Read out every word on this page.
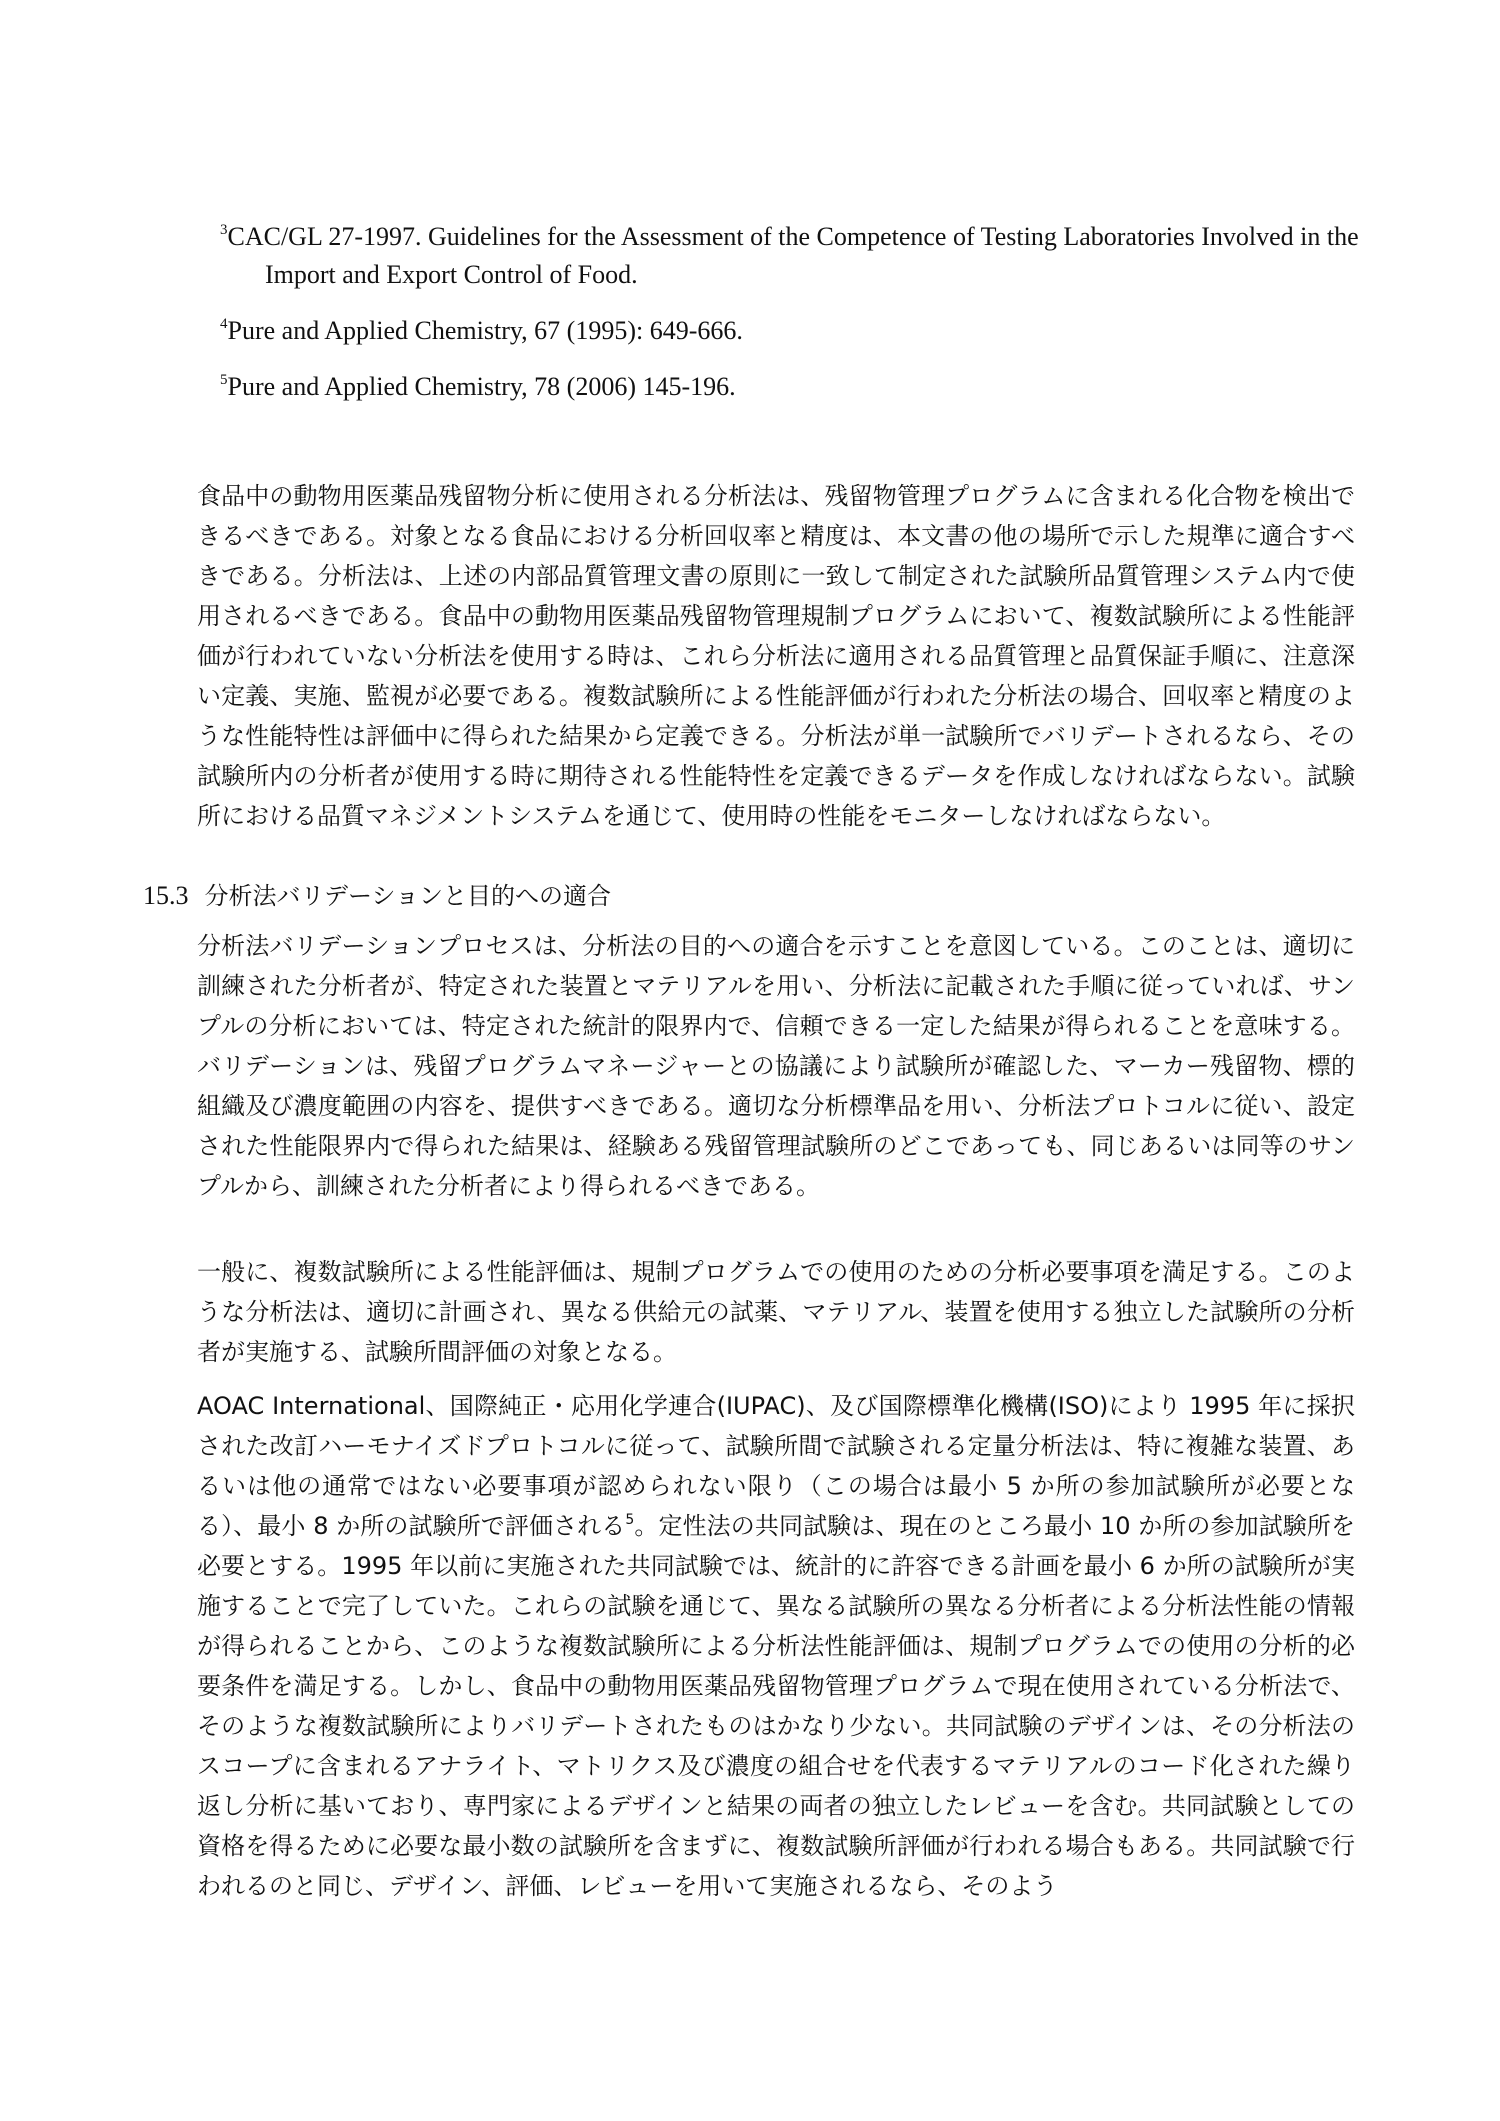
$^3$CAC/GL 27-1997. Guidelines for the Assessment of the Competence of Testing Laboratories Involved in the Import and Export Control of Food.
$^4$Pure and Applied Chemistry, 67 (1995): 649-666.
$^5$Pure and Applied Chemistry, 78 (2006) 145-196.
食品中の動物用医薬品残留物分析に使用される分析法は、残留物管理プログラムに含まれる化合物を検出できるべきである。対象となる食品における分析回収率と精度は、本文書の他の場所で示した規準に適合すべきである。分析法は、上述の内部品質管理文書の原則に一致して制定された試験所品質管理システム内で使用されるべきである。食品中の動物用医薬品残留物管理規制プログラムにおいて、複数試験所による性能評価が行われていない分析法を使用する時は、これら分析法に適用される品質管理と品質保証手順に、注意深い定義、実施、監視が必要である。複数試験所による性能評価が行われた分析法の場合、回収率と精度のような性能特性は評価中に得られた結果から定義できる。分析法が単一試験所でバリデートされるなら、その試験所内の分析者が使用する時に期待される性能特性を定義できるデータを作成しなければならない。試験所における品質マネジメントシステムを通じて、使用時の性能をモニターしなければならない。
15.3 分析法バリデーションと目的への適合
分析法バリデーションプロセスは、分析法の目的への適合を示すことを意図している。このことは、適切に訓練された分析者が、特定された装置とマテリアルを用い、分析法に記載された手順に従っていれば、サンプルの分析においては、特定された統計的限界内で、信頼できる一定した結果が得られることを意味する。バリデーションは、残留プログラムマネージャーとの協議により試験所が確認した、マーカー残留物、標的組織及び濃度範囲の内容を、提供すべきである。適切な分析標準品を用い、分析法プロトコルに従い、設定された性能限界内で得られた結果は、経験ある残留管理試験所のどこであっても、同じあるいは同等のサンプルから、訓練された分析者により得られるべきである。
一般に、複数試験所による性能評価は、規制プログラムでの使用のための分析必要事項を満足する。このような分析法は、適切に計画され、異なる供給元の試薬、マテリアル、装置を使用する独立した試験所の分析者が実施する、試験所間評価の対象となる。
AOAC International、国際純正・応用化学連合(IUPAC)、及び国際標準化機構(ISO)により 1995 年に採択された改訂ハーモナイズドプロトコルに従って、試験所間で試験される定量分析法は、特に複雑な装置、あるいは他の通常ではない必要事項が認められない限り（この場合は最小 5 か所の参加試験所が必要となる）、最小 8 か所の試験所で評価される$^5$。定性法の共同試験は、現在のところ最小 10 か所の参加試験所を必要とする。1995 年以前に実施された共同試験では、統計的に許容できる計画を最小 6 か所の試験所が実施することで完了していた。これらの試験を通じて、異なる試験所の異なる分析者による分析法性能の情報が得られることから、このような複数試験所による分析法性能評価は、規制プログラムでの使用の分析的必要条件を満足する。しかし、食品中の動物用医薬品残留物管理プログラムで現在使用されている分析法で、そのような複数試験所によりバリデートされたものはかなり少ない。共同試験のデザインは、その分析法のスコープに含まれるアナライト、マトリクス及び濃度の組合せを代表するマテリアルのコード化された繰り返し分析に基いており、専門家によるデザインと結果の両者の独立したレビューを含む。共同試験としての資格を得るために必要な最小数の試験所を含まずに、複数試験所評価が行われる場合もある。共同試験で行われるのと同じ、デザイン、評価、レビューを用いて実施されるなら、そのよう
